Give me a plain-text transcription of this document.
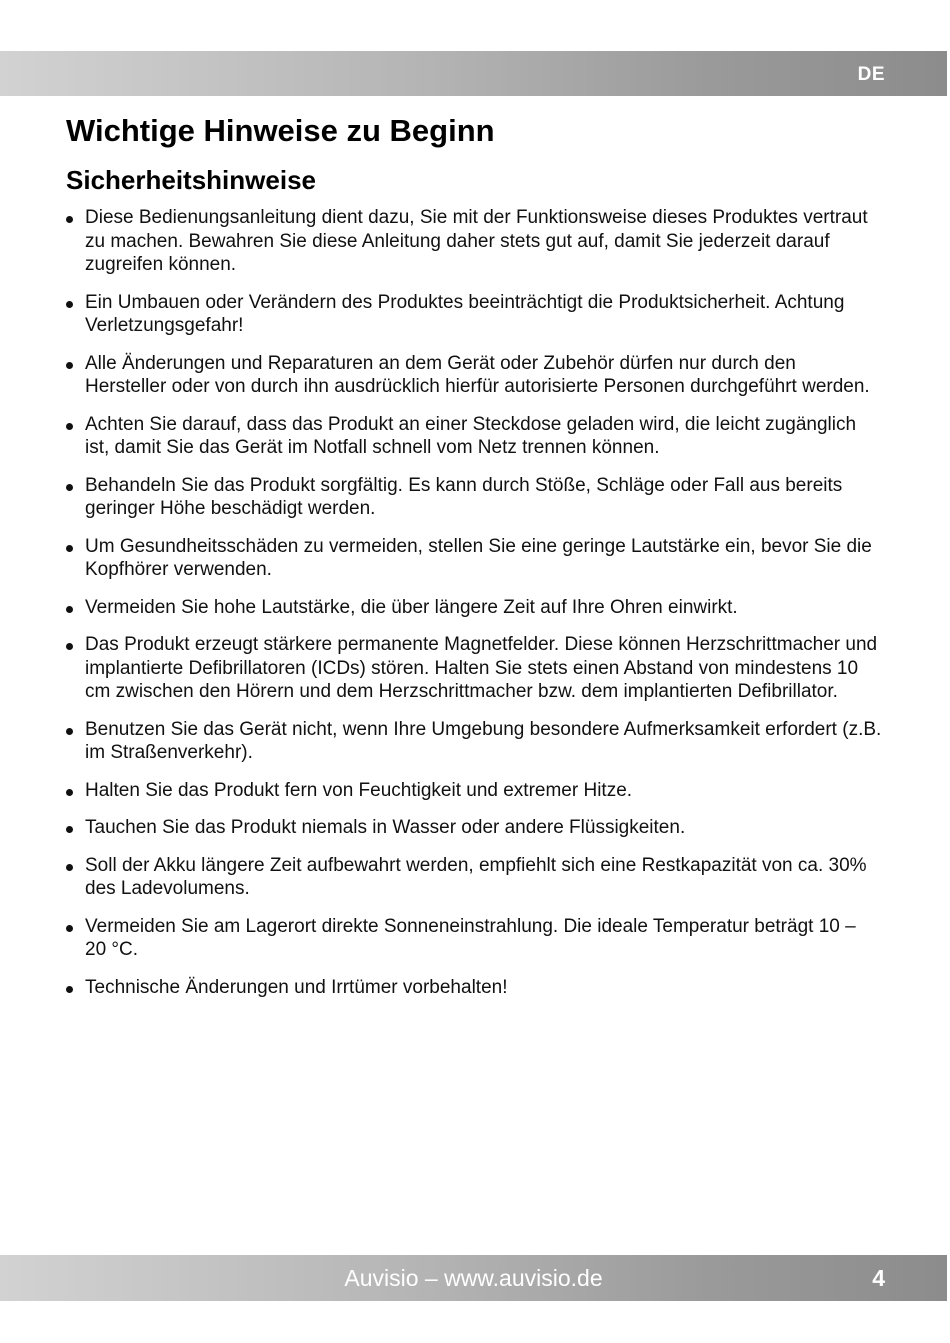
DE
Wichtige Hinweise zu Beginn
Sicherheitshinweise
Diese Bedienungsanleitung dient dazu, Sie mit der Funktionsweise dieses Produktes vertraut zu machen. Bewahren Sie diese Anleitung daher stets gut auf, damit Sie jederzeit darauf zugreifen können.
Ein Umbauen oder Verändern des Produktes beeinträchtigt die Produktsicherheit. Achtung Verletzungsgefahr!
Alle Änderungen und Reparaturen an dem Gerät oder Zubehör dürfen nur durch den Hersteller oder von durch ihn ausdrücklich hierfür autorisierte Personen durchgeführt werden.
Achten Sie darauf, dass das Produkt an einer Steckdose geladen wird, die leicht zugänglich ist, damit Sie das Gerät im Notfall schnell vom Netz trennen können.
Behandeln Sie das Produkt sorgfältig. Es kann durch Stöße, Schläge oder Fall aus bereits geringer Höhe beschädigt werden.
Um Gesundheitsschäden zu vermeiden, stellen Sie eine geringe Lautstärke ein, bevor Sie die Kopfhörer verwenden.
Vermeiden Sie hohe Lautstärke, die über längere Zeit auf Ihre Ohren einwirkt.
Das Produkt erzeugt stärkere permanente Magnetfelder. Diese können Herzschrittmacher und implantierte Defibrillatoren (ICDs) stören. Halten Sie stets einen Abstand von mindestens 10 cm zwischen den Hörern und dem Herzschrittmacher bzw. dem implantierten Defibrillator.
Benutzen Sie das Gerät nicht, wenn Ihre Umgebung besondere Aufmerksamkeit erfordert (z.B. im Straßenverkehr).
Halten Sie das Produkt fern von Feuchtigkeit und extremer Hitze.
Tauchen Sie das Produkt niemals in Wasser oder andere Flüssigkeiten.
Soll der Akku längere Zeit aufbewahrt werden, empfiehlt sich eine Restkapazität von ca. 30% des Ladevolumens.
Vermeiden Sie am Lagerort direkte Sonneneinstrahlung. Die ideale Temperatur beträgt 10 – 20 °C.
Technische Änderungen und Irrtümer vorbehalten!
Auvisio – www.auvisio.de	4
